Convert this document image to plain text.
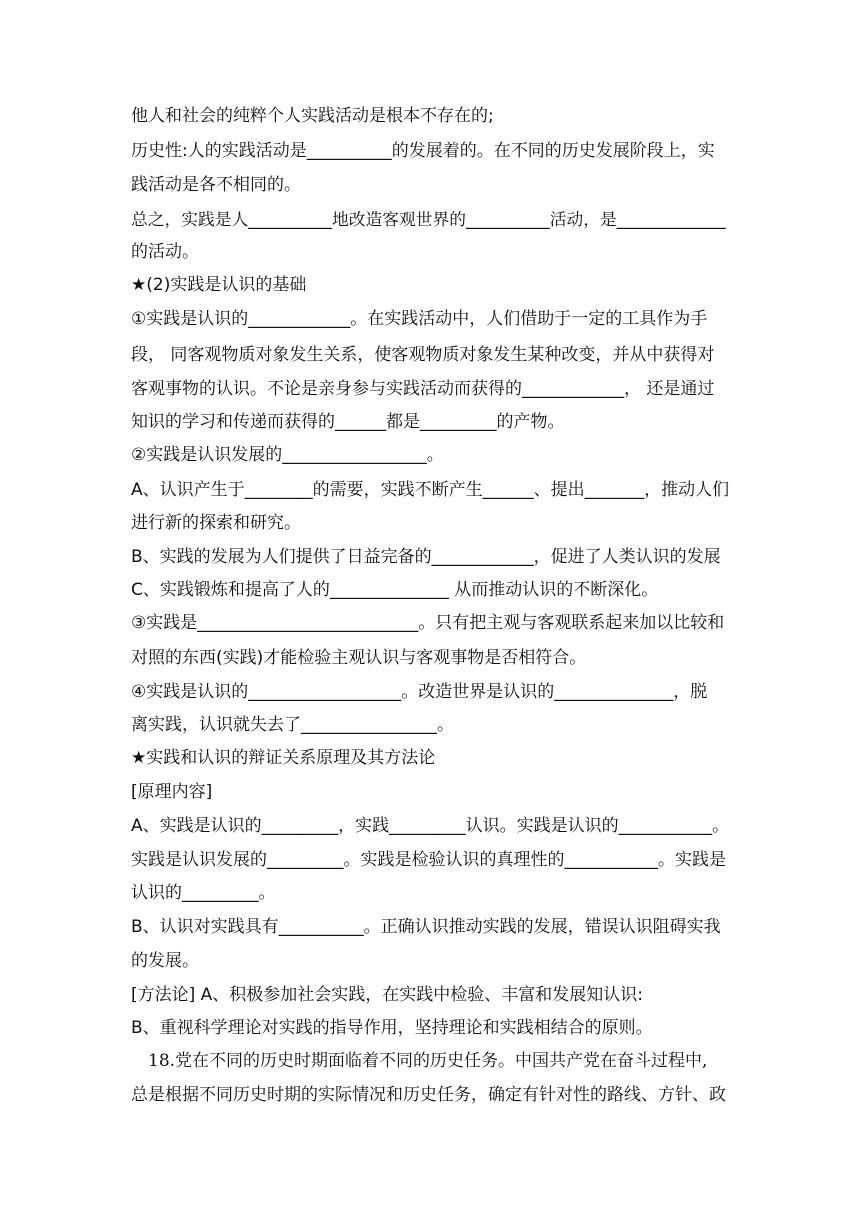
他人和社会的纯粹个人实践活动是根本不存在的;
历史性:人的实践活动是__________的发展着的。在不同的历史发展阶段上，实
践活动是各不相同的。
总之，实践是人__________地改造客观世界的__________活动，是_____________
的活动。
★(2)实践是认识的基础
①实践是认识的____________。在实践活动中，人们借助于一定的工具作为手
段， 同客观物质对象发生关系，使客观物质对象发生某种改变，并从中获得对
客观事物的认识。不论是亲身参与实践活动而获得的____________， 还是通过
知识的学习和传递而获得的______都是_________的产物。
②实践是认识发展的_________________。
A、认识产生于________的需要，实践不断产生______、提出_______，推动人们
进行新的探索和研究。
B、实践的发展为人们提供了日益完备的____________，促进了人类认识的发展
C、实践锻炼和提高了人的______________ 从而推动认识的不断深化。
③实践是__________________________。只有把主观与客观联系起来加以比较和
对照的东西(实践)才能检验主观认识与客观事物是否相符合。
④实践是认识的__________________。改造世界是认识的______________，脱
离实践，认识就失去了________________。
★实践和认识的辩证关系原理及其方法论
[原理内容]
A、实践是认识的_________，实践_________认识。实践是认识的___________。
实践是认识发展的_________。实践是检验认识的真理性的___________。实践是
认识的_________。
B、认识对实践具有__________。正确认识推动实践的发展，错误认识阻碍实我
的发展。
[方法论] A、积极参加社会实践，在实践中检验、丰富和发展知认识:
B、重视科学理论对实践的指导作用，坚持理论和实践相结合的原则。
18.党在不同的历史时期面临着不同的历史任务。中国共产党在奋斗过程中,
总是根据不同历史时期的实际情况和历史任务，确定有针对性的路线、方针、政
